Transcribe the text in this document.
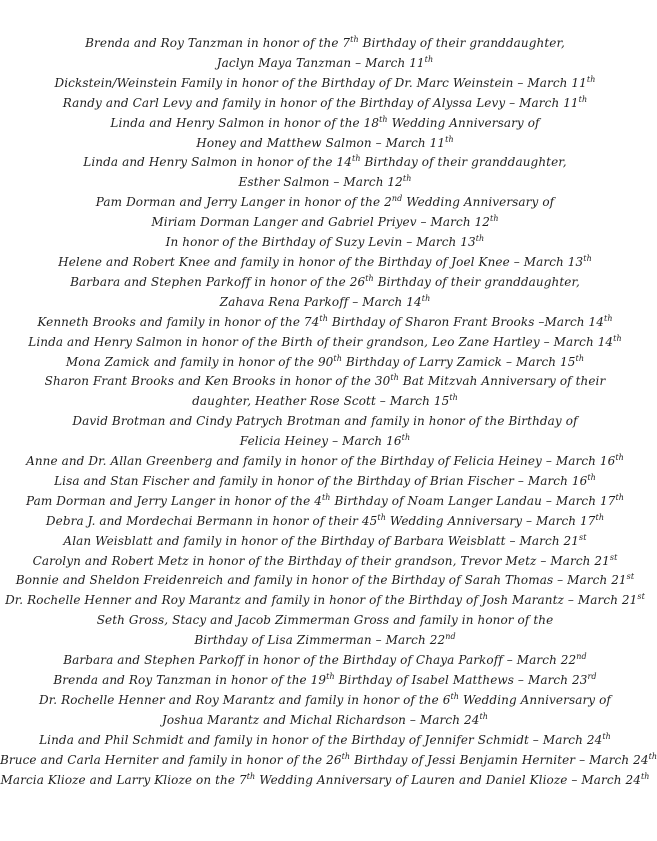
Brenda and Roy Tanzman in honor of the 7th Birthday of their granddaughter,
Jaclyn Maya Tanzman – March 11th
Dickstein/Weinstein Family in honor of the Birthday of Dr. Marc Weinstein – March 11th
Randy and Carl Levy and family in honor of the Birthday of Alyssa Levy – March 11th
Linda and Henry Salmon in honor of the 18th Wedding Anniversary of
Honey and Matthew Salmon – March 11th
Linda and Henry Salmon in honor of the 14th Birthday of their granddaughter,
Esther Salmon – March 12th
Pam Dorman and Jerry Langer in honor of the 2nd Wedding Anniversary of
Miriam Dorman Langer and Gabriel Priyev – March 12th
In honor of the Birthday of Suzy Levin – March 13th
Helene and Robert Knee and family in honor of the Birthday of Joel Knee – March 13th
Barbara and Stephen Parkoff in honor of the 26th Birthday of their granddaughter,
Zahava Rena Parkoff – March 14th
Kenneth Brooks and family in honor of the 74th Birthday of Sharon Frant Brooks –March 14th
Linda and Henry Salmon in honor of the Birth of their grandson, Leo Zane Hartley – March 14th
Mona Zamick and family in honor of the 90th Birthday of Larry Zamick – March 15th
Sharon Frant Brooks and Ken Brooks in honor of the 30th Bat Mitzvah Anniversary of their
daughter, Heather Rose Scott – March 15th
David Brotman and Cindy Patrych Brotman and family in honor of the Birthday of
Felicia Heiney – March 16th
Anne and Dr. Allan Greenberg and family in honor of the Birthday of Felicia Heiney – March 16th
Lisa and Stan Fischer and family in honor of the Birthday of Brian Fischer – March 16th
Pam Dorman and Jerry Langer in honor of the 4th Birthday of Noam Langer Landau – March 17th
Debra J. and Mordechai Bermann in honor of their 45th Wedding Anniversary – March 17th
Alan Weisblatt and family in honor of the Birthday of Barbara Weisblatt – March 21st
Carolyn and Robert Metz in honor of the Birthday of their grandson, Trevor Metz – March 21st
Bonnie and Sheldon Freidenreich and family in honor of the Birthday of Sarah Thomas – March 21st
Dr. Rochelle Henner and Roy Marantz and family in honor of the Birthday of Josh Marantz – March 21st
Seth Gross, Stacy and Jacob Zimmerman Gross and family in honor of the
Birthday of Lisa Zimmerman – March 22nd
Barbara and Stephen Parkoff in honor of the Birthday of Chaya Parkoff – March 22nd
Brenda and Roy Tanzman in honor of the 19th Birthday of Isabel Matthews – March 23rd
Dr. Rochelle Henner and Roy Marantz and family in honor of the 6th Wedding Anniversary of
Joshua Marantz and Michal Richardson – March 24th
Linda and Phil Schmidt and family in honor of the Birthday of Jennifer Schmidt – March 24th
Bruce and Carla Herniter and family in honor of the 26th Birthday of Jessi Benjamin Herniter – March 24th
Marcia Klioze and Larry Klioze on the 7th Wedding Anniversary of Lauren and Daniel Klioze – March 24th
